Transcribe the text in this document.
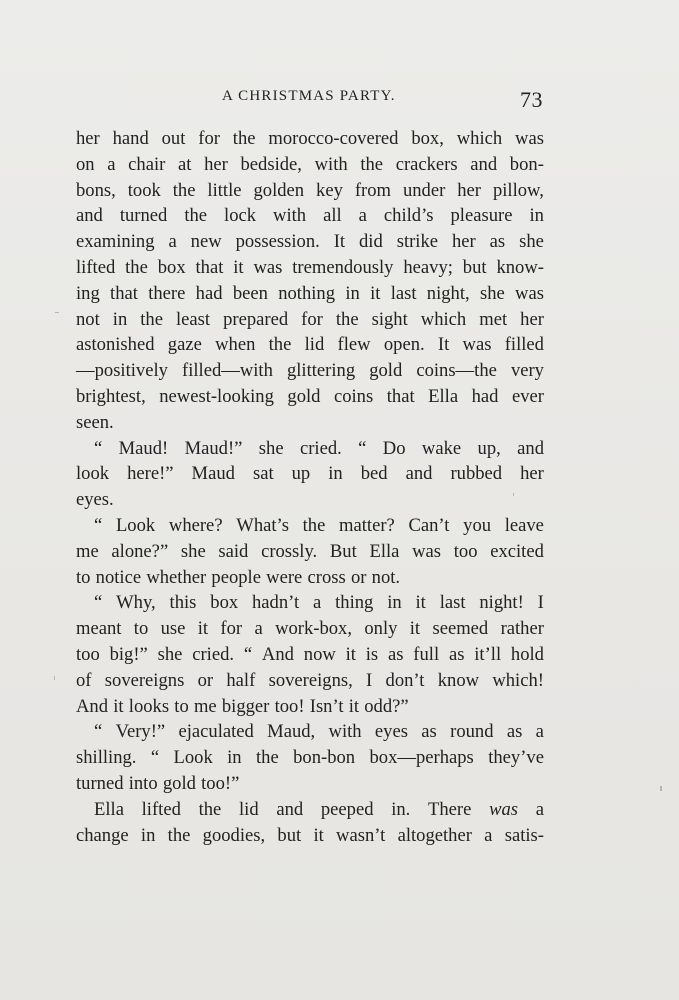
A CHRISTMAS PARTY.	73
her hand out for the morocco-covered box, which was
on a chair at her bedside, with the crackers and bon-
bons, took the little golden key from under her pillow,
and turned the lock with all a child’s pleasure in
examining a new possession. It did strike her as she
lifted the box that it was tremendously heavy; but know-
ing that there had been nothing in it last night, she was
not in the least prepared for the sight which met her
astonished gaze when the lid flew open. It was filled
—positively filled—with glittering gold coins—the very
brightest, newest-looking gold coins that Ella had ever
seen.
“ Maud! Maud!” she cried. “ Do wake up, and
look here!” Maud sat up in bed and rubbed her
eyes.
“ Look where? What’s the matter? Can’t you leave
me alone?” she said crossly. But Ella was too excited
to notice whether people were cross or not.
“ Why, this box hadn’t a thing in it last night! I
meant to use it for a work-box, only it seemed rather
too big!” she cried. “ And now it is as full as it’ll hold
of sovereigns or half sovereigns, I don’t know which!
And it looks to me bigger too! Isn’t it odd?”
“ Very!” ejaculated Maud, with eyes as round as a
shilling. “ Look in the bon-bon box—perhaps they’ve
turned into gold too!”
Ella lifted the lid and peeped in. There was a
change in the goodies, but it wasn’t altogether a satis-
